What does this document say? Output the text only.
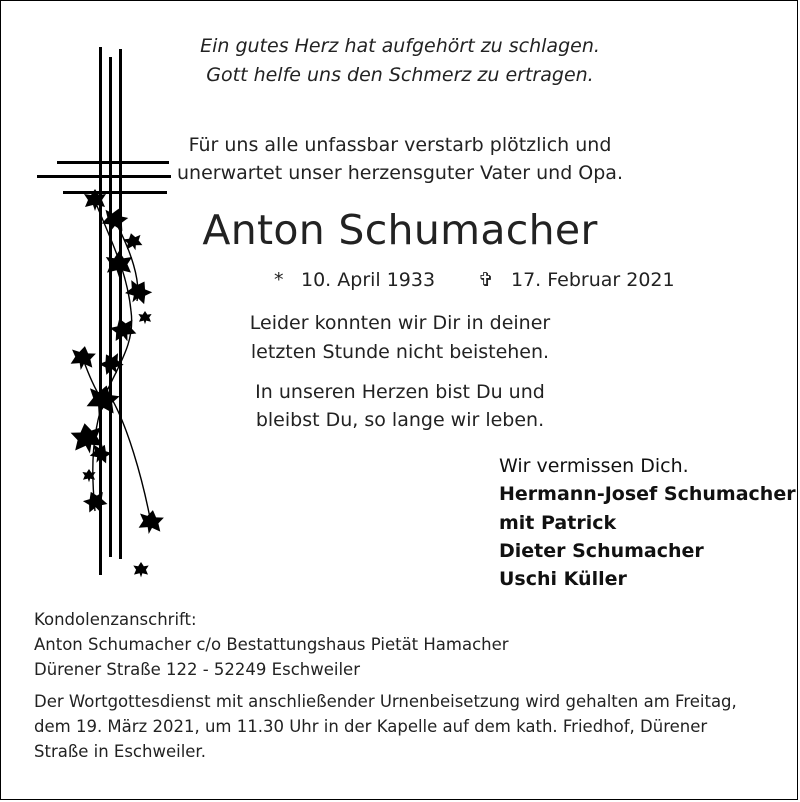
Ein gutes Herz hat aufgehört zu schlagen.
Gott helfe uns den Schmerz zu ertragen.
Für uns alle unfassbar verstarb plötzlich und
unerwartet unser herzensguter Vater und Opa.
Anton Schumacher
* 10. April 1933 ✞ 17. Februar 2021
Leider konnten wir Dir in deiner
letzten Stunde nicht beistehen.
In unseren Herzen bist Du und
bleibst Du, so lange wir leben.
Wir vermissen Dich.
Hermann-Josef Schumacher
mit Patrick
Dieter Schumacher
Uschi Küller
Kondolenzanschrift:
Anton Schumacher c/o Bestattungshaus Pietät Hamacher
Dürener Straße 122 - 52249 Eschweiler
Der Wortgottesdienst mit anschließender Urnenbeisetzung wird gehalten am Freitag,
dem 19. März 2021, um 11.30 Uhr in der Kapelle auf dem kath. Friedhof, Dürener
Straße in Eschweiler.
